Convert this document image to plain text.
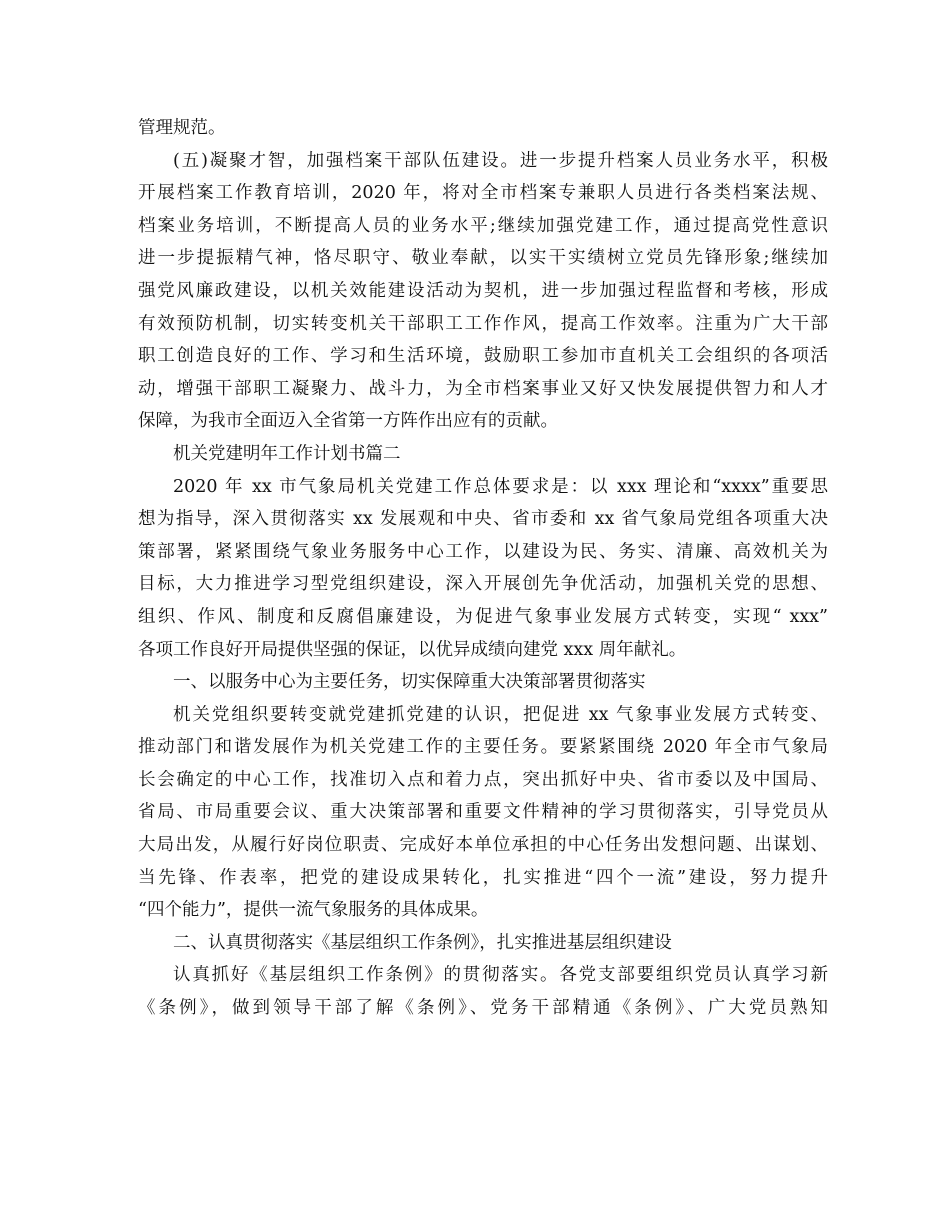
管理规范。
(五)凝聚才智，加强档案干部队伍建设。进一步提升档案人员业务水平，积极
开展档案工作教育培训，2020 年，将对全市档案专兼职人员进行各类档案法规、
档案业务培训，不断提高人员的业务水平;继续加强党建工作，通过提高党性意识
进一步提振精气神，恪尽职守、敬业奉献，以实干实绩树立党员先锋形象;继续加
强党风廉政建设，以机关效能建设活动为契机，进一步加强过程监督和考核，形成
有效预防机制，切实转变机关干部职工工作作风，提高工作效率。注重为广大干部
职工创造良好的工作、学习和生活环境，鼓励职工参加市直机关工会组织的各项活
动，增强干部职工凝聚力、战斗力，为全市档案事业又好又快发展提供智力和人才
保障，为我市全面迈入全省第一方阵作出应有的贡献。
机关党建明年工作计划书篇二
2020 年 xx 市气象局机关党建工作总体要求是：以 xxx 理论和“xxxx”重要思
想为指导，深入贯彻落实 xx 发展观和中央、省市委和 xx 省气象局党组各项重大决
策部署，紧紧围绕气象业务服务中心工作，以建设为民、务实、清廉、高效机关为
目标，大力推进学习型党组织建设，深入开展创先争优活动，加强机关党的思想、
组织、作风、制度和反腐倡廉建设，为促进气象事业发展方式转变，实现“ xxx”
各项工作良好开局提供坚强的保证，以优异成绩向建党 xxx 周年献礼。
一、以服务中心为主要任务，切实保障重大决策部署贯彻落实
机关党组织要转变就党建抓党建的认识，把促进 xx 气象事业发展方式转变、
推动部门和谐发展作为机关党建工作的主要任务。要紧紧围绕 2020 年全市气象局
长会确定的中心工作，找准切入点和着力点，突出抓好中央、省市委以及中国局、
省局、市局重要会议、重大决策部署和重要文件精神的学习贯彻落实，引导党员从
大局出发，从履行好岗位职责、完成好本单位承担的中心任务出发想问题、出谋划、
当先锋、作表率，把党的建设成果转化，扎实推进“四个一流”建设，努力提升
“四个能力”，提供一流气象服务的具体成果。
二、认真贯彻落实《基层组织工作条例》，扎实推进基层组织建设
认真抓好《基层组织工作条例》的贯彻落实。各党支部要组织党员认真学习新
《条例》，做到领导干部了解《条例》、党务干部精通《条例》、广大党员熟知
